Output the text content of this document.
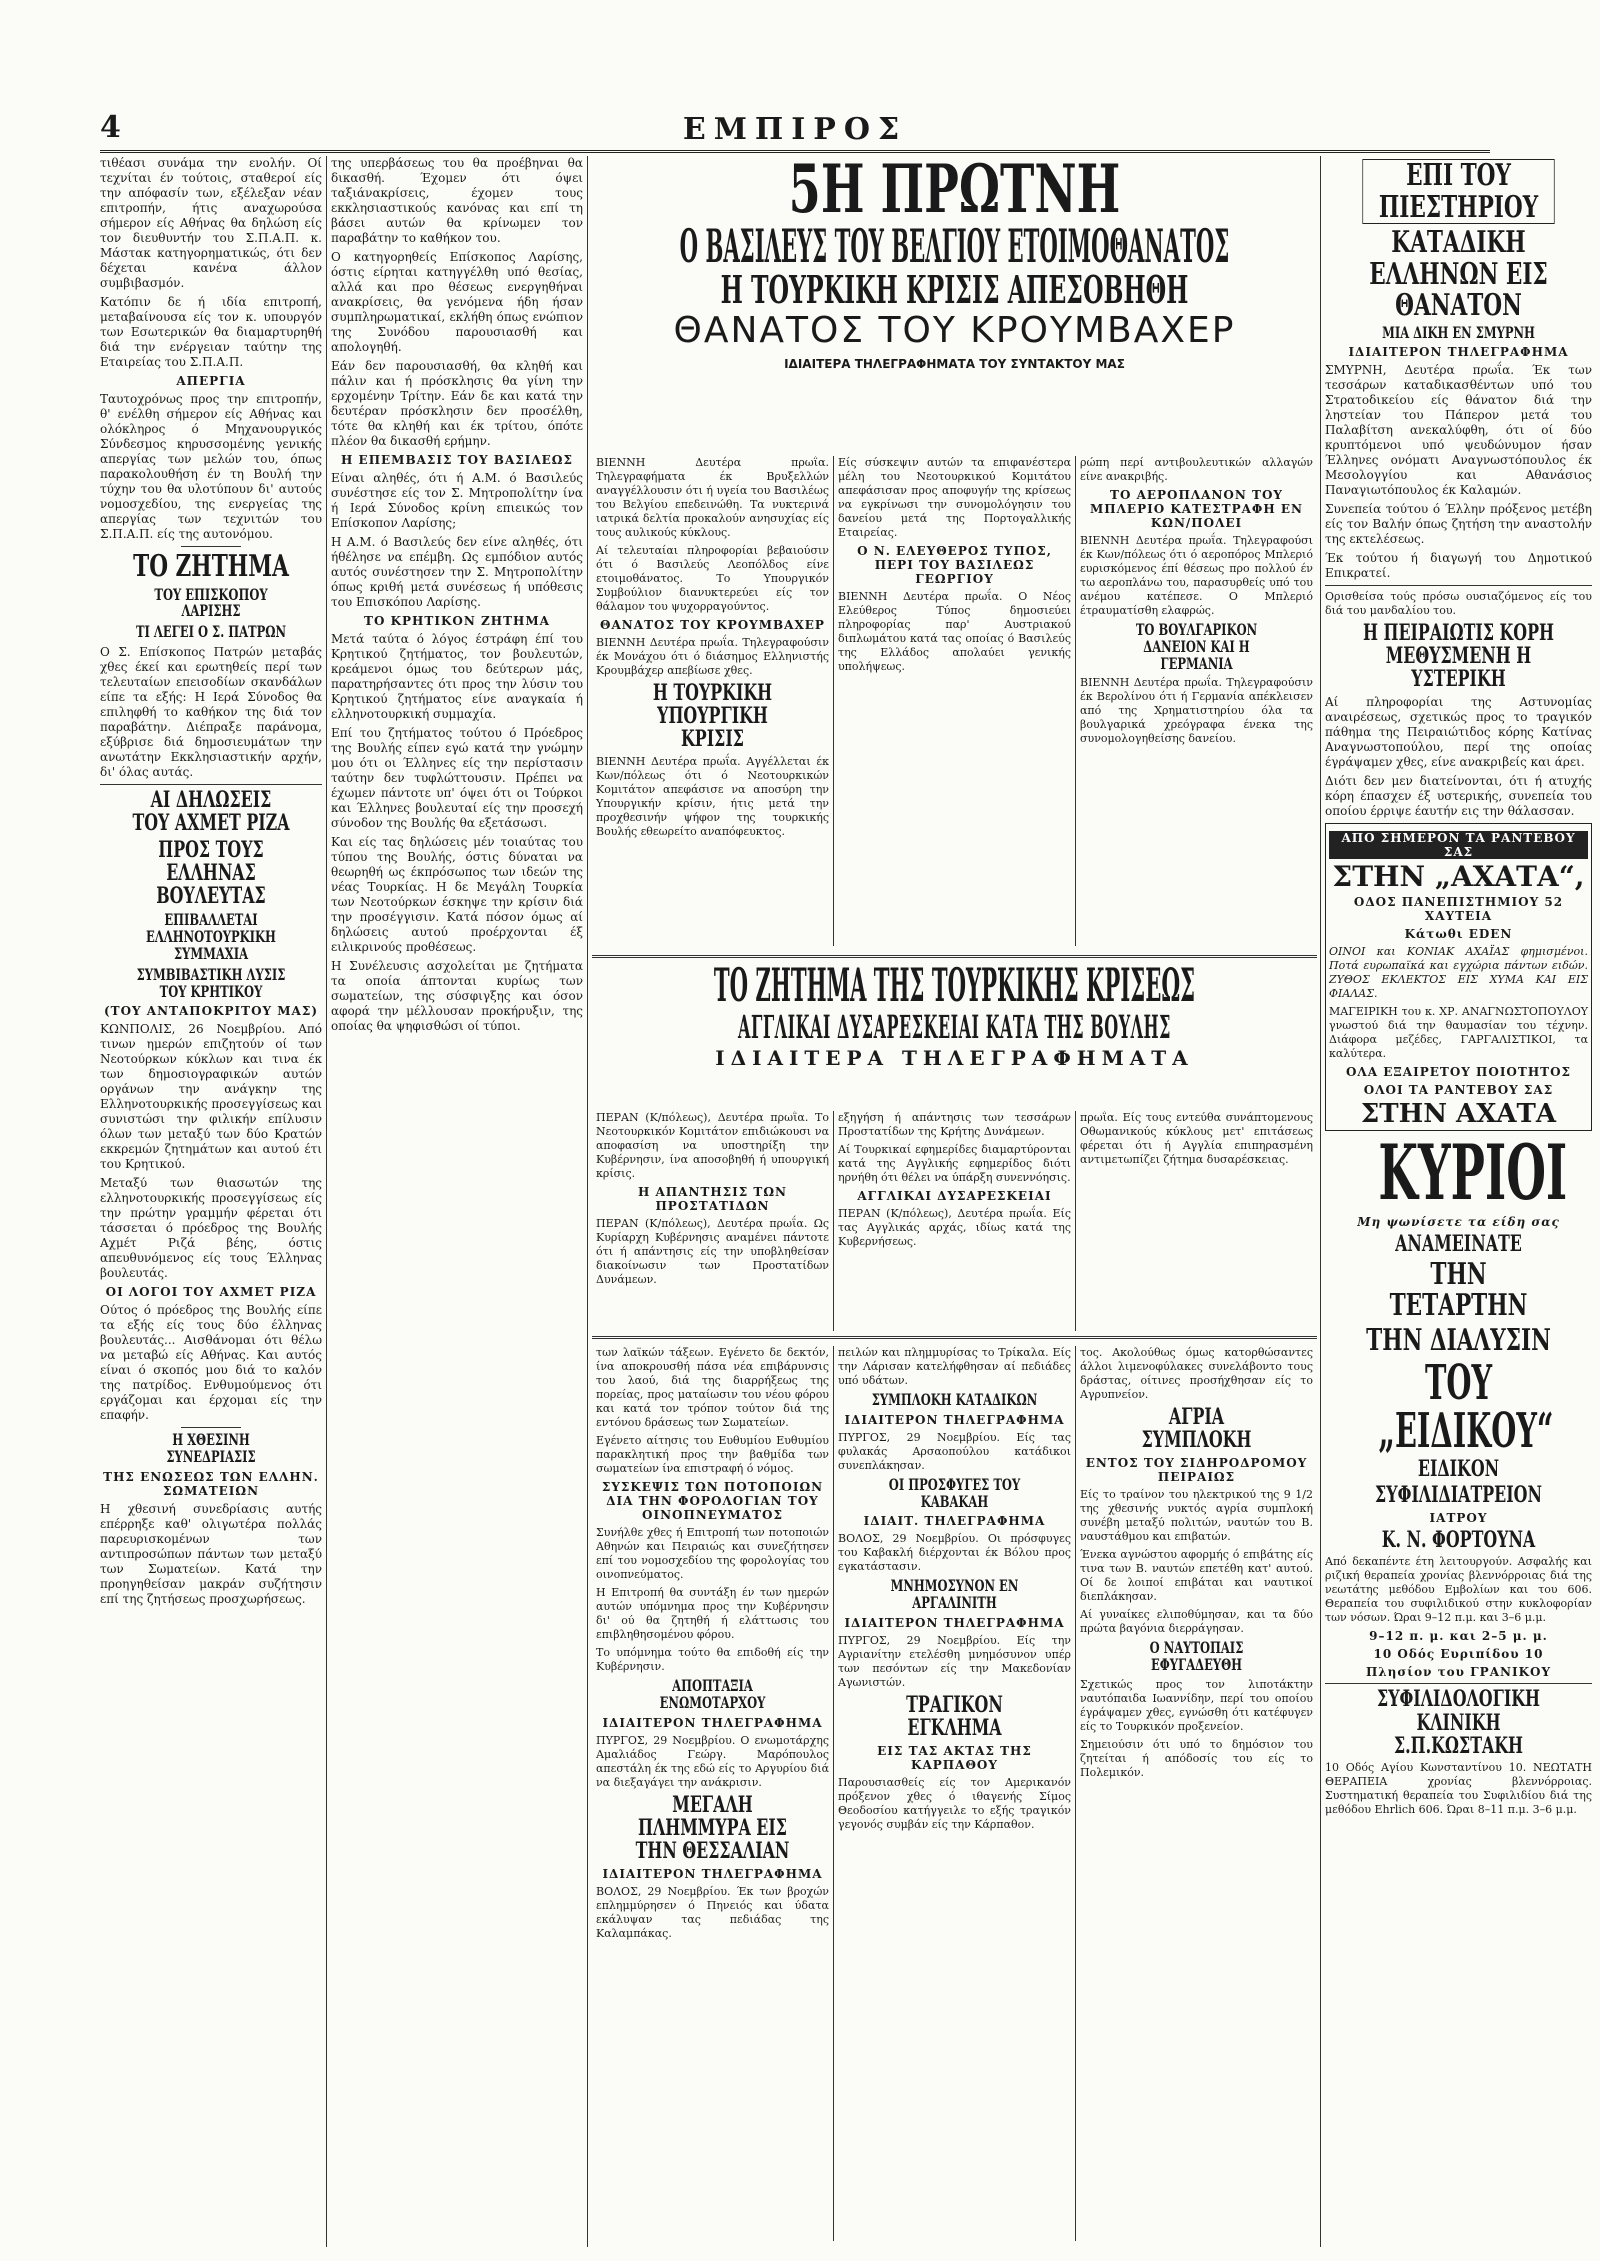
4	ΕΜΠΙΡΟΣ

τιθέασι συνάμα την ενολήν. Οί τεχνίται έν τούτοις, σταθεροί είς την απόφασίν των, εξέλεξαν νέαν επιτροπήν, ήτις αναχωρούσα σήμερον είς Αθήνας θα δηλώση είς τον διευθυντήν του Σ.Π.Α.Π. κ. Μάστακ κατηγορηματικώς, ότι δεν δέχεται κανένα άλλον συμβιβασμόν.

Κατόπιν δε ή ιδία επιτροπή, μεταβαίνουσα είς τον κ. υπουργόν των Εσωτερικών θα διαμαρτυρηθή διά την ενέργειαν ταύτην της Εταιρείας του Σ.Π.Α.Π.

ΑΠΕΡΓΙΑ

Ταυτοχρόνως προς την επιτροπήν, θ' ενέλθη σήμερον είς Αθήνας και ολόκληρος ό Μηχανουργικός Σύνδεσμος κηρυσσομένης γενικής απεργίας των μελών του, όπως παρακολουθήση έν τη Βουλή την τύχην του θα υλοτύπουν δι' αυτούς νομοσχεδίου, της ενεργείας της απεργίας των τεχνιτών του Σ.Π.Α.Π. είς της αυτονόμου.

ΤΟ ΖΗΤΗΜΑ
ΤΟΥ ΕΠΙΣΚΟΠΟΥ ΛΑΡΙΣΗΣ
ΤΙ ΛΕΓΕΙ Ο Σ. ΠΑΤΡΩΝ

Ο Σ. Επίσκοπος Πατρών μεταβάς χθες έκεί και ερωτηθείς περί των τελευταίων επεισοδίων σκανδάλων είπε τα εξής: Η Ιερά Σύνοδος θα επιληφθή το καθήκον της διά τον παραβάτην. Διέπραξε παράνομα, εξύβρισε διά δημοσιευμάτων την ανωτάτην Εκκλησιαστικήν αρχήν, δι' όλας αυτάς.

ΑΙ ΔΗΛΩΣΕΙΣ ΤΟΥ ΑΧΜΕΤ ΡΙΖΑ
ΠΡΟΣ ΤΟΥΣ ΕΛΛΗΝΑΣ ΒΟΥΛΕΥΤΑΣ
ΕΠΙΒΑΛΛΕΤΑΙ ΕΛΛΗΝΟΤΟΥΡΚΙΚΗ ΣΥΜΜΑΧΙΑ
ΣΥΜΒΙΒΑΣΤΙΚΗ ΛΥΣΙΣ ΤΟΥ ΚΡΗΤΙΚΟΥ
(ΤΟΥ ΑΝΤΑΠΟΚΡΙΤΟΥ ΜΑΣ)

ΚΩΝΠΟΛΙΣ, 26 Νοεμβρίου. Από τινων ημερών επιζητούν οί των Νεοτούρκων κύκλων και τινα έκ των δημοσιογραφικών αυτών οργάνων την ανάγκην της Ελληνοτουρκικής προσεγγίσεως και συνιστώσι την φιλικήν επίλυσιν όλων των μεταξύ των δύο Κρατών εκκρεμών ζητημάτων και αυτού έτι του Κρητικού.

Μεταξύ των θιασωτών της ελληνοτουρκικής προσεγγίσεως είς την πρώτην γραμμήν φέρεται ότι τάσσεται ό πρόεδρος της Βουλής Αχμέτ Ριζά βέης, όστις απευθυνόμενος είς τους Έλληνας βουλευτάς.

ΟΙ ΛΟΓΟΙ ΤΟΥ ΑΧΜΕΤ ΡΙΖΑ

Ούτος ό πρόεδρος της Βουλής είπε τα εξής είς τους δύο έλληνας βουλευτάς... Αισθάνομαι ότι θέλω να μεταβώ είς Αθήνας. Και αυτός είναι ό σκοπός μου διά το καλόν της πατρίδος. Ενθυμούμενος ότι εργάζομαι και έρχομαι είς την επαφήν.

Η ΧΘΕΣΙΝΗ ΣΥΝΕΔΡΙΑΣΙΣ
ΤΗΣ ΕΝΩΣΕΩΣ ΤΩΝ ΕΛΛΗΝ. ΣΩΜΑΤΕΙΩΝ

Η χθεσινή συνεδρίασις αυτής επέρρηξε καθ' ολιγωτέρα πολλάς παρευρισκομένων των αντιπροσώπων πάντων των μεταξύ των Σωματείων. Κατά την προηγηθείσαν μακράν συζήτησιν επί της ζητήσεως προσχωρήσεως.

της υπερβάσεως του θα προέβηναι θα δικασθή. Έχομεν ότι όψει ταξιάνακρίσεις, έχομεν τους εκκλησιαστικούς κανόνας και επί τη βάσει αυτών θα κρίνωμεν τον παραβάτην το καθήκον του.

Ο κατηγορηθείς Επίσκοπος Λαρίσης, όστις είρηται κατηγγέλθη υπό θεσίας, αλλά και προ θέσεως ενεργηθήναι ανακρίσεις, θα γενόμενα ήδη ήσαν συμπληρωματικαί, εκλήθη όπως ενώπιον της Συνόδου παρουσιασθή και απολογηθή.

Εάν δεν παρουσιασθή, θα κληθή και πάλιν και ή πρόσκλησις θα γίνη την ερχομένην Τρίτην. Εάν δε και κατά την δευτέραν πρόσκλησιν δεν προσέλθη, τότε θα κληθή και έκ τρίτου, όπότε πλέον θα δικασθή ερήμην.

Η ΕΠΕΜΒΑΣΙΣ ΤΟΥ ΒΑΣΙΛΕΩΣ

Είναι αληθές, ότι ή Α.Μ. ό Βασιλεύς συνέστησε είς τον Σ. Μητροπολίτην ίνα ή Ιερά Σύνοδος κρίνη επιεικώς τον Επίσκοπον Λαρίσης;

Η Α.Μ. ό Βασιλεύς δεν είνε αληθές, ότι ήθέλησε να επέμβη. Ως εμπόδιον αυτός αυτός συνέστησεν την Σ. Μητροπολίτην όπως κριθή μετά συνέσεως ή υπόθεσις του Επισκόπου Λαρίσης.

ΤΟ ΚΡΗΤΙΚΟΝ ΖΗΤΗΜΑ

Μετά ταύτα ό λόγος έστράφη έπί του Κρητικού ζητήματος, τον βουλευτών, κρεάμενοι όμως του δεύτερων μάς, παρατηρήσαντες ότι προς την λύσιν του Κρητικού ζητήματος είνε αναγκαία ή ελληνοτουρκική συμμαχία.

Επί του ζητήματος τούτου ό Πρόεδρος της Βουλής είπεν εγώ κατά την γνώμην μου ότι οι Έλληνες είς την περίστασιν ταύτην δεν τυφλώττουσιν. Πρέπει να έχωμεν πάντοτε υπ' όψει ότι οι Τούρκοι και Έλληνες βουλευταί είς την προσεχή σύνοδον της Βουλής θα εξετάσωσι.

Και είς τας δηλώσεις μέν τοιαύτας του τύπου της Βουλής, όστις δύναται να θεωρηθή ως έκπρόσωπος των ιδεών της νέας Τουρκίας. Η δε Μεγάλη Τουρκία των Νεοτούρκων έσκηψε την κρίσιν διά την προσέγγισιν. Κατά πόσον όμως αί δηλώσεις αυτού προέρχονται έξ ειλικρινούς προθέσεως.

Η Συνέλευσις ασχολείται με ζητήματα τα οποία άπτονται κυρίως των σωματείων, της σύσφιγξης και όσον αφορά την μέλλουσαν προκήρυξιν, της οποίας θα ψηφισθώσι οί τύποι.

5Η ΠΡΩΤΝΗ
Ο ΒΑΣΙΛΕΥΣ ΤΟΥ ΒΕΛΓΙΟΥ ΕΤΟΙΜΟΘΑΝΑΤΟΣ
Η ΤΟΥΡΚΙΚΗ ΚΡΙΣΙΣ ΑΠΕΣΟΒΗΘΗ
ΘΑΝΑΤΟΣ ΤΟΥ ΚΡΟΥΜΒΑΧΕΡ
ΙΔΙΑΙΤΕΡΑ ΤΗΛΕΓΡΑΦΗΜΑΤΑ ΤΟΥ ΣΥΝΤΑΚΤΟΥ ΜΑΣ

ΒΙΕΝΝΗ Δευτέρα πρωΐα. Τηλεγραφήματα έκ Βρυξελλών αναγγέλλουσιν ότι ή υγεία του Βασιλέως του Βελγίου επεδεινώθη. Τα νυκτερινά ιατρικά δελτία προκαλούν ανησυχίας είς τους αυλικούς κύκλους.

Αί τελευταίαι πληροφορίαι βεβαιούσιν ότι ό Βασιλεύς Λεοπόλδος είνε ετοιμοθάνατος. Το Υπουργικόν Συμβούλιον διανυκτερεύει είς τον θάλαμον του ψυχορραγούντος.

ΘΑΝΑΤΟΣ ΤΟΥ ΚΡΟΥΜΒΑΧΕΡ

ΒΙΕΝΝΗ Δευτέρα πρωΐα. Τηλεγραφούσιν έκ Μονάχου ότι ό διάσημος Ελληνιστής Κρουμβάχερ απεβίωσε χθες.

Η ΤΟΥΡΚΙΚΗ ΥΠΟΥΡΓΙΚΗ ΚΡΙΣΙΣ

ΒΙΕΝΝΗ Δευτέρα πρωΐα. Αγγέλλεται έκ Κων/πόλεως ότι ό Νεοτουρκικών Κομιτάτον απεφάσισε να αποσύρη την Υπουργικήν κρίσιν, ήτις μετά την προχθεσινήν ψήφον της τουρκικής Βουλής εθεωρείτο αναπόφευκτος.

Είς σύσκεψιν αυτών τα επιφανέστερα μέλη του Νεοτουρκικού Κομιτάτου απεφάσισαν προς αποφυγήν της κρίσεως να εγκρίνωσι την συνομολόγησιν του δανείου μετά της Πορτογαλλικής Εταιρείας.

Ο Ν. ΕΛΕΥΘΕΡΟΣ ΤΥΠΟΣ, ΠΕΡΙ ΤΟΥ ΒΑΣΙΛΕΩΣ ΓΕΩΡΓΙΟΥ

ΒΙΕΝΝΗ Δευτέρα πρωΐα. Ο Νέος Ελεύθερος Τύπος δημοσιεύει πληροφορίας παρ' Αυστριακού διπλωμάτου κατά τας οποίας ό Βασιλεύς της Ελλάδος απολαύει γενικής υπολήψεως.

ρώπη περί αντιβουλευτικών αλλαγών είνε ανακριβής.

ΤΟ ΑΕΡΟΠΛΑΝΟΝ ΤΟΥ ΜΠΛΕΡΙΟ ΚΑΤΕΣΤΡΑΦΗ ΕΝ ΚΩΝ/ΠΟΛΕΙ

ΒΙΕΝΝΗ Δευτέρα πρωΐα. Τηλεγραφούσι έκ Κων/πόλεως ότι ό αεροπόρος Μπλεριό ευρισκόμενος έπί θέσεως προ πολλού έν τω αεροπλάνω του, παρασυρθείς υπό του ανέμου κατέπεσε. Ο Μπλεριό έτραυματίσθη ελαφρώς.

ΤΟ ΒΟΥΛΓΑΡΙΚΟΝ ΔΑΝΕΙΟΝ ΚΑΙ Η ΓΕΡΜΑΝΙΑ

ΒΙΕΝΝΗ Δευτέρα πρωΐα. Τηλεγραφούσιν έκ Βερολίνου ότι ή Γερμανία απέκλεισεν από της Χρηματιστηρίου όλα τα βουλγαρικά χρεόγραφα ένεκα της συνομολογηθείσης δανείου.

ΤΟ ΖΗΤΗΜΑ ΤΗΣ ΤΟΥΡΚΙΚΗΣ ΚΡΙΣΕΩΣ
ΑΓΓΛΙΚΑΙ ΔΥΣΑΡΕΣΚΕΙΑΙ ΚΑΤΑ ΤΗΣ ΒΟΥΛΗΣ
ΙΔΙΑΙΤΕΡΑ ΤΗΛΕΓΡΑΦΗΜΑΤΑ

ΠΕΡΑΝ (Κ/πόλεως), Δευτέρα πρωΐα. Το Νεοτουρκικόν Κομιτάτον επιδιώκουσι να αποφασίση να υποστηρίξη την Κυβέρνησιν, ίνα αποσοβηθή ή υπουργική κρίσις.

Η ΑΠΑΝΤΗΣΙΣ ΤΩΝ ΠΡΟΣΤΑΤΙΔΩΝ

ΠΕΡΑΝ (Κ/πόλεως), Δευτέρα πρωΐα. Ως Κυρίαρχη Κυβέρνησις αναμένει πάντοτε ότι ή απάντησις είς την υποβληθείσαν διακοίνωσιν των Προστατίδων Δυνάμεων.

εξηγήση ή απάντησις των τεσσάρων Προστατίδων της Κρήτης Δυνάμεων.

Αί Τουρκικαί εφημερίδες διαμαρτύρονται κατά της Αγγλικής εφημερίδος διότι ηρνήθη ότι θέλει να ύπάρξη συνεννόησις.

ΑΓΓΛΙΚΑΙ ΔΥΣΑΡΕΣΚΕΙΑΙ

ΠΕΡΑΝ (Κ/πόλεως), Δευτέρα πρωΐα. Είς τας Αγγλικάς αρχάς, ιδίως κατά της Κυβερνήσεως.

πρωΐα. Είς τους εντεύθα συνάπτομενους Οθωμανικούς κύκλους μετ' επιτάσεως φέρεται ότι ή Αγγλία επιπηρασμένη αντιμετωπίζει ζήτημα δυσαρέσκειας.

των λαϊκών τάξεων. Εγένετο δε δεκτόν, ίνα αποκρουσθή πάσα νέα επιβάρυνσις του λαού, διά της διαρρήξεως της πορείας, προς ματαίωσιν του νέου φόρου και κατά τον τρόπον τούτον διά της εντόνου δράσεως των Σωματείων.

Εγένετο αίτησις του Ευθυμίου Ευθυμίου παρακλητική προς την βαθμίδα των σωματείων ίνα επιστραφή ό νόμος.

ΣΥΣΚΕΨΙΣ ΤΩΝ ΠΟΤΟΠΟΙΩΝ ΔΙΑ ΤΗΝ ΦΟΡΟΛΟΓΙΑΝ ΤΟΥ ΟΙΝΟΠΝΕΥΜΑΤΟΣ

Συνήλθε χθες ή Επιτροπή των ποτοποιών Αθηνών και Πειραιώς και συνεζήτησεν επί του νομοσχεδίου της φορολογίας του οινοπνεύματος.

Η Επιτροπή θα συντάξη έν των ημερών αυτών υπόμνημα προς την Κυβέρνησιν δι' ού θα ζητηθή ή ελάττωσις του επιβληθησομένου φόρου.

Το υπόμνημα τούτο θα επιδοθή είς την Κυβέρνησιν.

ΑΠΟΠΤΑΞΙΑ ΕΝΩΜΟΤΑΡΧΟΥ
ΙΔΙΑΙΤΕΡΟΝ ΤΗΛΕΓΡΑΦΗΜΑ

ΠΥΡΓΟΣ, 29 Νοεμβρίου. Ο ενωμοτάρχης Αμαλιάδος Γεώργ. Μαρόπουλος απεστάλη έκ της εδώ είς το Αργυρίου διά να διεξαγάγει την ανάκρισιν.

ΜΕΓΑΛΗ ΠΛΗΜΜΥΡΑ ΕΙΣ ΤΗΝ ΘΕΣΣΑΛΙΑΝ
ΙΔΙΑΙΤΕΡΟΝ ΤΗΛΕΓΡΑΦΗΜΑ

ΒΟΛΟΣ, 29 Νοεμβρίου. Έκ των βροχών επλημμύρησεν ό Πηνειός και ύδατα εκάλυψαν τας πεδιάδας της Καλαμπάκας.

πειλών και πλημμυρίσας το Τρίκαλα. Είς την Λάρισαν κατελήφθησαν αί πεδιάδες υπό υδάτων.

ΣΥΜΠΛΟΚΗ ΚΑΤΑΔΙΚΩΝ
ΙΔΙΑΙΤΕΡΟΝ ΤΗΛΕΓΡΑΦΗΜΑ

ΠΥΡΓΟΣ, 29 Νοεμβρίου. Είς τας φυλακάς Αρσαοπούλου κατάδικοι συνεπλάκησαν.

ΟΙ ΠΡΟΣΦΥΓΕΣ ΤΟΥ ΚΑΒΑΚΑΗ
ΙΔΙΑΙΤ. ΤΗΛΕΓΡΑΦΗΜΑ

ΒΟΛΟΣ, 29 Νοεμβρίου. Οι πρόσφυγες του Καβακλή διέρχονται έκ Βόλου προς εγκατάστασιν.

ΜΝΗΜΟΣΥΝΟΝ ΕΝ ΑΡΓΑΛΙΝΙΤΗ
ΙΔΙΑΙΤΕΡΟΝ ΤΗΛΕΓΡΑΦΗΜΑ

ΠΥΡΓΟΣ, 29 Νοεμβρίου. Είς την Αγριανίτην ετελέσθη μνημόσυνον υπέρ των πεσόντων είς την Μακεδονίαν Αγωνιστών.

ΤΡΑΓΙΚΟΝ ΕΓΚΛΗΜΑ
ΕΙΣ ΤΑΣ ΑΚΤΑΣ ΤΗΣ ΚΑΡΠΑΘΟΥ

Παρουσιασθείς είς τον Αμερικανόν πρόξενον χθες ό ιθαγενής Σίμος Θεοδοσίου κατήγγειλε το εξής τραγικόν γεγονός συμβάν είς την Κάρπαθον.

τος. Ακολούθως όμως κατορθώσαντες άλλοι λιμενοφύλακες συνελάβοντο τους δράστας, οίτινες προσήχθησαν είς το Αγρυπνείον.

ΑΓΡΙΑ ΣΥΜΠΛΟΚΗ
ΕΝΤΟΣ ΤΟΥ ΣΙΔΗΡΟΔΡΟΜΟΥ ΠΕΙΡΑΙΩΣ

Είς το τραίνον του ηλεκτρικού της 9 1/2 της χθεσινής νυκτός αγρία συμπλοκή συνέβη μεταξύ πολιτών, ναυτών του Β. ναυστάθμου και επιβατών.

Ένεκα αγνώστου αφορμής ό επιβάτης είς τινα των Β. ναυτών επετέθη κατ' αυτού. Οί δε λοιποί επιβάται και ναυτικοί διεπλάκησαν.

Αί γυναίκες ελιποθύμησαν, και τα δύο πρώτα βαγόνια διερράγησαν.

Ο ΝΑΥΤΟΠΑΙΣ ΕΦΥΓΑΔΕΥΘΗ

Σχετικώς προς τον λιποτάκτην ναυτόπαιδα Ιωαννίδην, περί του οποίου έγράψαμεν χθες, εγνώσθη ότι κατέφυγεν είς το Τουρκικόν προξενείον.

Σημειούσιν ότι υπό το δημόσιον του ζητείται ή απόδοσίς του είς το Πολεμικόν.

ΕΠΙ ΤΟΥ ΠΙΕΣΤΗΡΙΟΥ
ΚΑΤΑΔΙΚΗ ΕΛΛΗΝΩΝ ΕΙΣ ΘΑΝΑΤΟΝ
ΜΙΑ ΔΙΚΗ ΕΝ ΣΜΥΡΝΗ
ΙΔΙΑΙΤΕΡΟΝ ΤΗΛΕΓΡΑΦΗΜΑ

ΣΜΥΡΝΗ, Δευτέρα πρωΐα. Έκ των τεσσάρων καταδικασθέντων υπό του Στρατοδικείου είς θάνατον διά την ληστείαν του Πάπερον μετά του Παλαβίτση ανεκαλύφθη, ότι οί δύο κρυπτόμενοι υπό ψευδώνυμον ήσαν Έλληνες ονόματι Αναγνωστόπουλος έκ Μεσολογγίου και Αθανάσιος Παναγιωτόπουλος έκ Καλαμών.

Συνεπεία τούτου ό Έλλην πρόξενος μετέβη είς τον Βαλήν όπως ζητήση την αναστολήν της εκτελέσεως.

Έκ τούτου ή διαγωγή του Δημοτικού Επικρατεί.

Ορισθείσα τούς πρόσω ουσιαζόμενος είς του διά του μανδαλίου του.

Η ΠΕΙΡΑΙΩΤΙΣ ΚΟΡΗ ΜΕΘΥΣΜΕΝΗ Η ΥΣΤΕΡΙΚΗ

Αί πληροφορίαι της Αστυνομίας αναιρέσεως, σχετικώς προς το τραγικόν πάθημα της Πειραιώτιδος κόρης Κατίνας Αναγνωστοπούλου, περί της οποίας έγράψαμεν χθες, είνε ανακριβείς και άρει.

Διότι δεν μεν διατείνονται, ότι ή ατυχής κόρη έπασχεν έξ υστερικής, συνεπεία του οποίου έρριψε έαυτήν εις την θάλασσαν.

ΑΠΟ ΣΗΜΕΡΟΝ ΤΑ ΡΑΝΤΕΒΟΥ ΣΑΣ
ΣΤΗΝ „ΑΧΑΤΑ“,
ΟΔΟΣ ΠΑΝΕΠΙΣΤΗΜΙΟΥ 52 ΧΑΥΤΕΙΑ
Κάτωθι EDEN

ΟΙΝΟΙ και ΚΟΝΙΑΚ ΑΧΑΪΑΣ φημισμένοι. Ποτά ευρωπαϊκά και εγχώρια πάντων ειδών. ΖΥΘΟΣ ΕΚΛΕΚΤΟΣ ΕΙΣ ΧΥΜΑ ΚΑΙ ΕΙΣ ΦΙΑΛΑΣ.

ΜΑΓΕΙΡΙΚΗ του κ. ΧΡ. ΑΝΑΓΝΩΣΤΟΠΟΥΛΟΥ γνωστού διά την θαυμασίαν του τέχνην. Διάφορα μεζέδες, ΓΑΡΓΑΛΙΣΤΙΚΟΙ, τα καλύτερα.

ΟΛΑ ΕΞΑΙΡΕΤΟΥ ΠΟΙΟΤΗΤΟΣ
ΟΛΟΙ ΤΑ ΡΑΝΤΕΒΟΥ ΣΑΣ
ΣΤΗΝ ΑΧΑΤΑ
ΚΥΡΙΟΙ
Μη ψωνίσετε τα είδη σας
ΑΝΑΜΕΙΝΑΤΕ
ΤΗΝ ΤΕΤΑΡΤΗΝ
ΤΗΝ ΔΙΑΛΥΣΙΝ
ΤΟΥ „ΕΙΔΙΚΟΥ“
ΕΙΔΙΚΟΝ
ΣΥΦΙΛΙΔΙΑΤΡΕΙΟΝ
ΙΑΤΡΟΥ
Κ. Ν. ΦΟΡΤΟΥΝΑ

Από δεκαπέντε έτη λειτουργούν. Ασφαλής και ριζική θεραπεία χρονίας βλεννόρροιας διά της νεωτάτης μεθόδου Εμβολίων και του 606. Θεραπεία του συφιλιδικού στην κυκλοφορίαν των νόσων. Ώραι 9–12 π.μ. και 3–6 μ.μ.

9–12 π. μ. και 2–5 μ. μ.
10 Οδός Ευριπίδου 10
Πλησίον του ΓΡΑΝΙΚΟΥ
ΣΥΦΙΛΙΔΟΛΟΓΙΚΗ ΚΛΙΝΙΚΗ Σ.Π.ΚΩΣΤΑΚΗ

10 Οδός Αγίου Κωνσταντίνου 10. ΝΕΩΤΑΤΗ ΘΕΡΑΠΕΙΑ χρονίας βλεννόρροιας. Συστηματική θεραπεία του Συφιλιδίου διά της μεθόδου Ehrlich 606. Ώραι 8–11 π.μ. 3–6 μ.μ.
